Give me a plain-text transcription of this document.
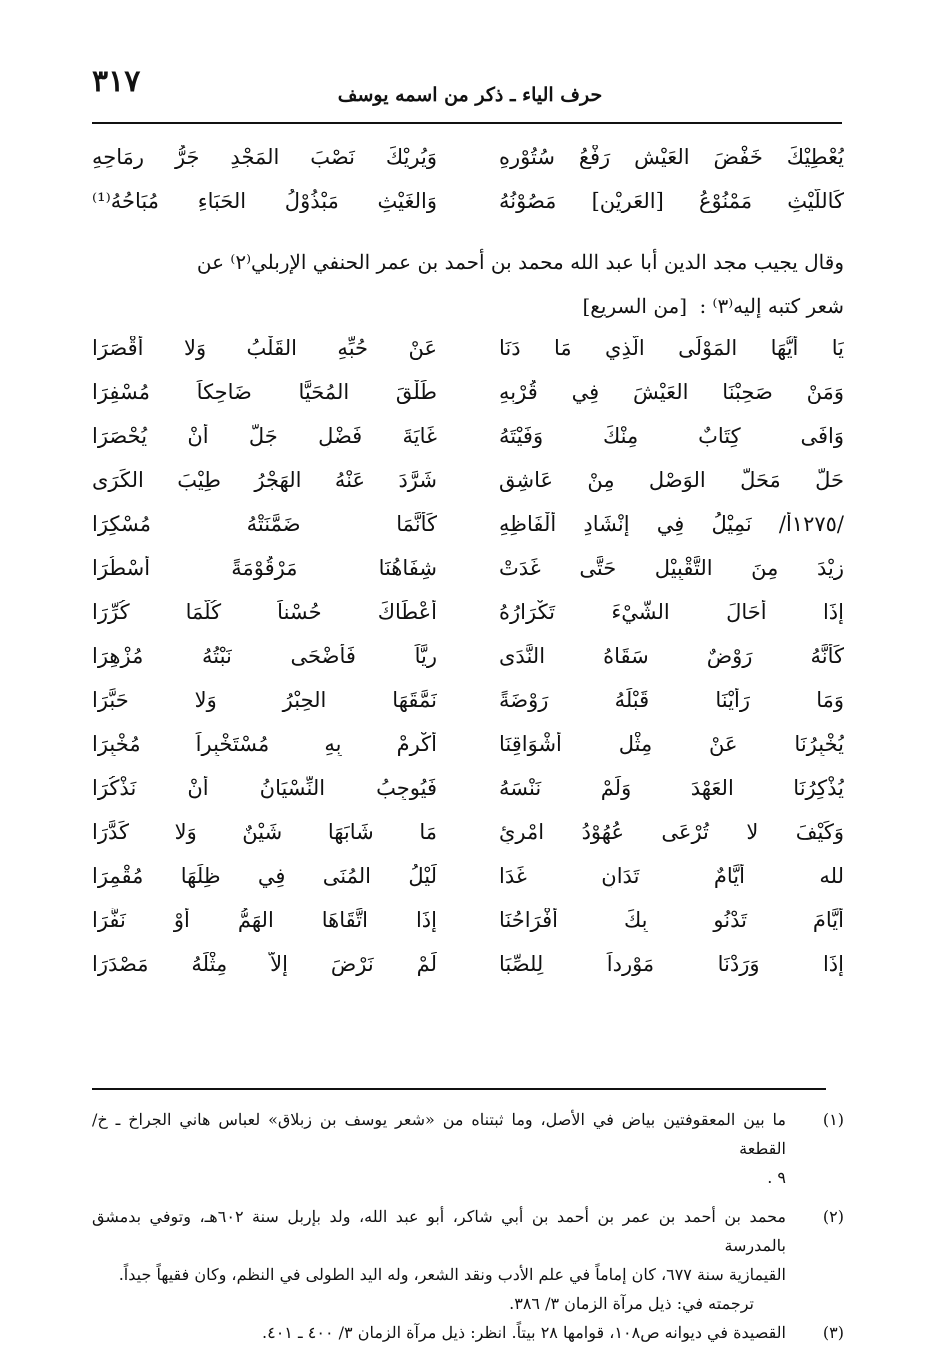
٣١٧	حرف الياء ـ ذكر من اسمه يوسف
يُعْطِيْكَ خَفْضَ العَيْشِ رَفْعُ سُتُوْرِهِ
وَيُرِيْكَ نَصْبَ المَجْدِ جَرُّ رِمَاحِهِ
كَاللَّيْثِ مَمْنُوْعُ [العَرِيْنِ] مَصُوْنُهُ
وَالغَيْثِ مَبْذُوْلُ الحَبَاءِ مُبَاحُهُ⁽¹⁾
وقال يجيب مجد الدين أبا عبد الله محمد بن أحمد بن عمر الحنفي الإربلي⁽٢⁾ عن
شعر كتبه إليه⁽٣⁾ : [من السريع]
يَا أَيُّهَا المَوْلَى الَّذِي مَا دَنَا
عَنْ حُبِّهِ القَلْبُ وَلا أَقْصَرَا
وَمَنْ صَحِبْنَا العَيْشَ فِي قُرْبِهِ
طَلْقَ المُحَيَّا ضَاحِكاً مُسْفِرَا
وَافَى كِتَابٌ مِنْكَ وَفَيْتَهُ
غَايَةَ فَضْلٍ جَلَّ أَنْ يُحْصَرَا
حَلَّ مَحَلَّ الوَصْلِ مِنْ عَاشِقٍ
شَرَّدَ عَنْهُ الهَجْرُ طِيْبَ الكَرَى
/١٢٧٥أ/ نَمِيْلُ فِي إِنْشَادِ أَلْفَاظِهِ
كَأَنَّمَا ضَمَّنَتْهُ مُسْكِرَا
زِيْدَ مِنَ التَّقْبِيْلِ حَتَّى غَدَتْ
شِفَاهُنَا مَرْقُوْمَةً أَسْطُرَا
إِذَا أَحَالَ الشَّيْءَ تَكْرَارُهُ
أَعْطَاكَ حُسْناً كُلَّمَا كُرِّرَا
كَأَنَّهُ رَوْضٌ سَقَاهُ النَّدَى
رِيَّاً فَأَضْحَى نَبْتُهُ مُزْهِرَا
وَمَا رَأَيْنَا قَبْلَهُ رَوْضَةً
نَمَّقَهَا الحِبْرُ وَلا حَبَّرَا
يُخْبِرُنَا عَنْ مِثْلِ أَشْوَاقِنَا
أَكْرِمْ بِهِ مُسْتَخْبِراً مُخْبِرَا
يُذْكِرُنَا العَهْدَ وَلَمْ نَنْسَهُ
فَيُوجِبُ النِّسْيَانُ أَنْ نَذْكُرَا
وَكَيْفَ لا تُرْعَى عُهُوْدُ امْرِئٍ
مَا شَابَهَا شَيْنٌ وَلا كَدَّرَا
لله أَيَّامٌ تَدَانٍ غَدَا
لَيْلُ المُنَى فِي ظِلِّهَا مُقْمِرَا
أَيَّامَ تَدْنُو بِكَ أَفْرَاحُنَا
إِذَا اتَّقَاهَا الهَمُّ أَوْ نَفَّرَا
إِذَا وَرَدْنَا مَوْرِداً لِلصِّبَا
لَمْ نَرْضَ إِلاَّ مِثْلَهُ مَصْدَرَا
(١)
ما بين المعقوفتين بياض في الأصل، وما ثبتناه من «شعر يوسف بن زبلاق» لعباس هاني الجراخ ـ خ/ القطعة
٩ .
(٢)
محمد بن أحمد بن عمر بن أحمد بن أبي شاكر، أبو عبد الله، ولد بإربل سنة ٦٠٢هـ، وتوفي بدمشق بالمدرسة
القيمازية سنة ٦٧٧، كان إماماً في علم الأدب ونقد الشعر، وله اليد الطولى في النظم، وكان فقيهاً جيداً.
ترجمته في: ذيل مرآة الزمان ٣/ ٣٨٦.
(٣)
القصيدة في ديوانه ص١٠٨، قوامها ٢٨ بيتاً. انظر: ذيل مرآة الزمان ٣/ ٤٠٠ ـ ٤٠١.
